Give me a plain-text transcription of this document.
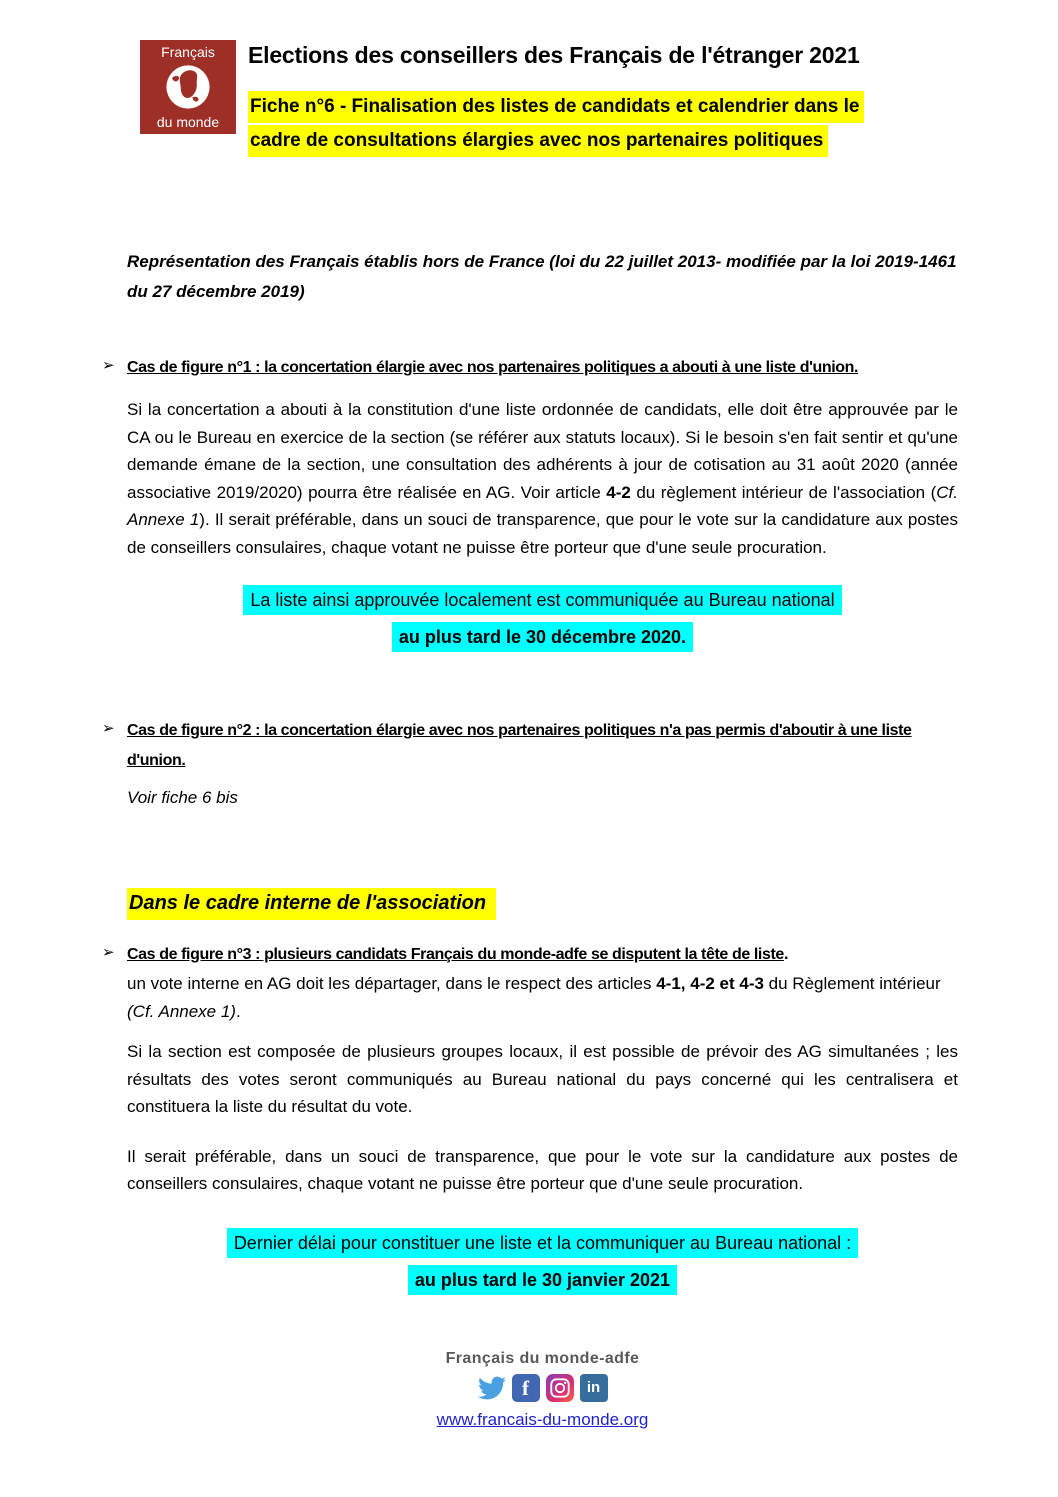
Français
du monde
Elections des conseillers des Français de l'étranger 2021
Fiche n°6 - Finalisation des listes de candidats et calendrier dans le
cadre de consultations élargies avec nos partenaires politiques

Représentation des Français établis hors de France (loi du 22 juillet 2013- modifiée par la loi 2019-1461 du 27 décembre 2019)

➢ Cas de figure n°1 : la concertation élargie avec nos partenaires politiques a abouti à une liste d'union.

Si la concertation a abouti à la constitution d'une liste ordonnée de candidats, elle doit être approuvée par le CA ou le Bureau en exercice de la section (se référer aux statuts locaux). Si le besoin s'en fait sentir et qu'une demande émane de la section, une consultation des adhérents à jour de cotisation au 31 août 2020 (année associative 2019/2020) pourra être réalisée en AG. Voir article 4-2 du règlement intérieur de l'association (Cf. Annexe 1). Il serait préférable, dans un souci de transparence, que pour le vote sur la candidature aux postes de conseillers consulaires, chaque votant ne puisse être porteur que d'une seule procuration.

La liste ainsi approuvée localement est communiquée au Bureau national
au plus tard le 30 décembre 2020.
➢ Cas de figure n°2 : la concertation élargie avec nos partenaires politiques n'a pas permis d'aboutir à une liste d'union.

Voir fiche 6 bis

Dans le cadre interne de l'association
➢ Cas de figure n°3 : plusieurs candidats Français du monde-adfe se disputent la tête de liste.
un vote interne en AG doit les départager, dans le respect des articles 4-1, 4-2 et 4-3 du Règlement intérieur (Cf. Annexe 1).

Si la section est composée de plusieurs groupes locaux, il est possible de prévoir des AG simultanées ; les résultats des votes seront communiqués au Bureau national du pays concerné qui les centralisera et constituera la liste du résultat du vote.

Il serait préférable, dans un souci de transparence, que pour le vote sur la candidature aux postes de conseillers consulaires, chaque votant ne puisse être porteur que d'une seule procuration.

Dernier délai pour constituer une liste et la communiquer au Bureau national :
au plus tard le 30 janvier 2021
Français du monde-adfe
f	in
www.francais-du-monde.org
